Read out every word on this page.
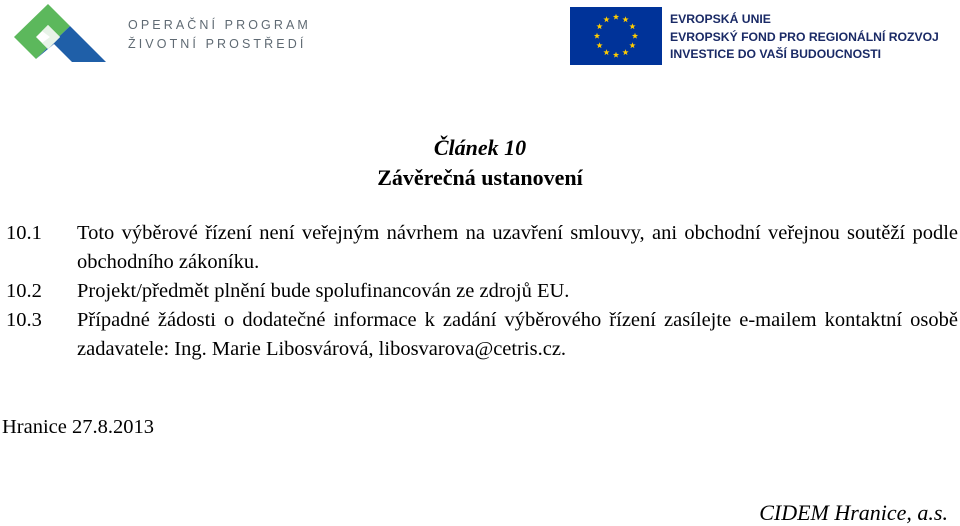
OPERAČNÍ PROGRAM
ŽIVOTNÍ PROSTŘEDÍ
EVROPSKÁ UNIE
EVROPSKÝ FOND PRO REGIONÁLNÍ ROZVOJ
INVESTICE DO VAŠÍ BUDOUCNOSTI
Článek 10
Závěrečná ustanovení
10.1 Toto výběrové řízení není veřejným návrhem na uzavření smlouvy, ani obchodní veřejnou soutěží podle obchodního zákoníku.
10.2 Projekt/předmět plnění bude spolufinancován ze zdrojů EU.
10.3 Případné žádosti o dodatečné informace k zadání výběrového řízení zasílejte e-mailem kontaktní osobě zadavatele: Ing. Marie Libosvárová, libosvarova@cetris.cz.
Hranice 27.8.2013
CIDEM Hranice, a.s.
